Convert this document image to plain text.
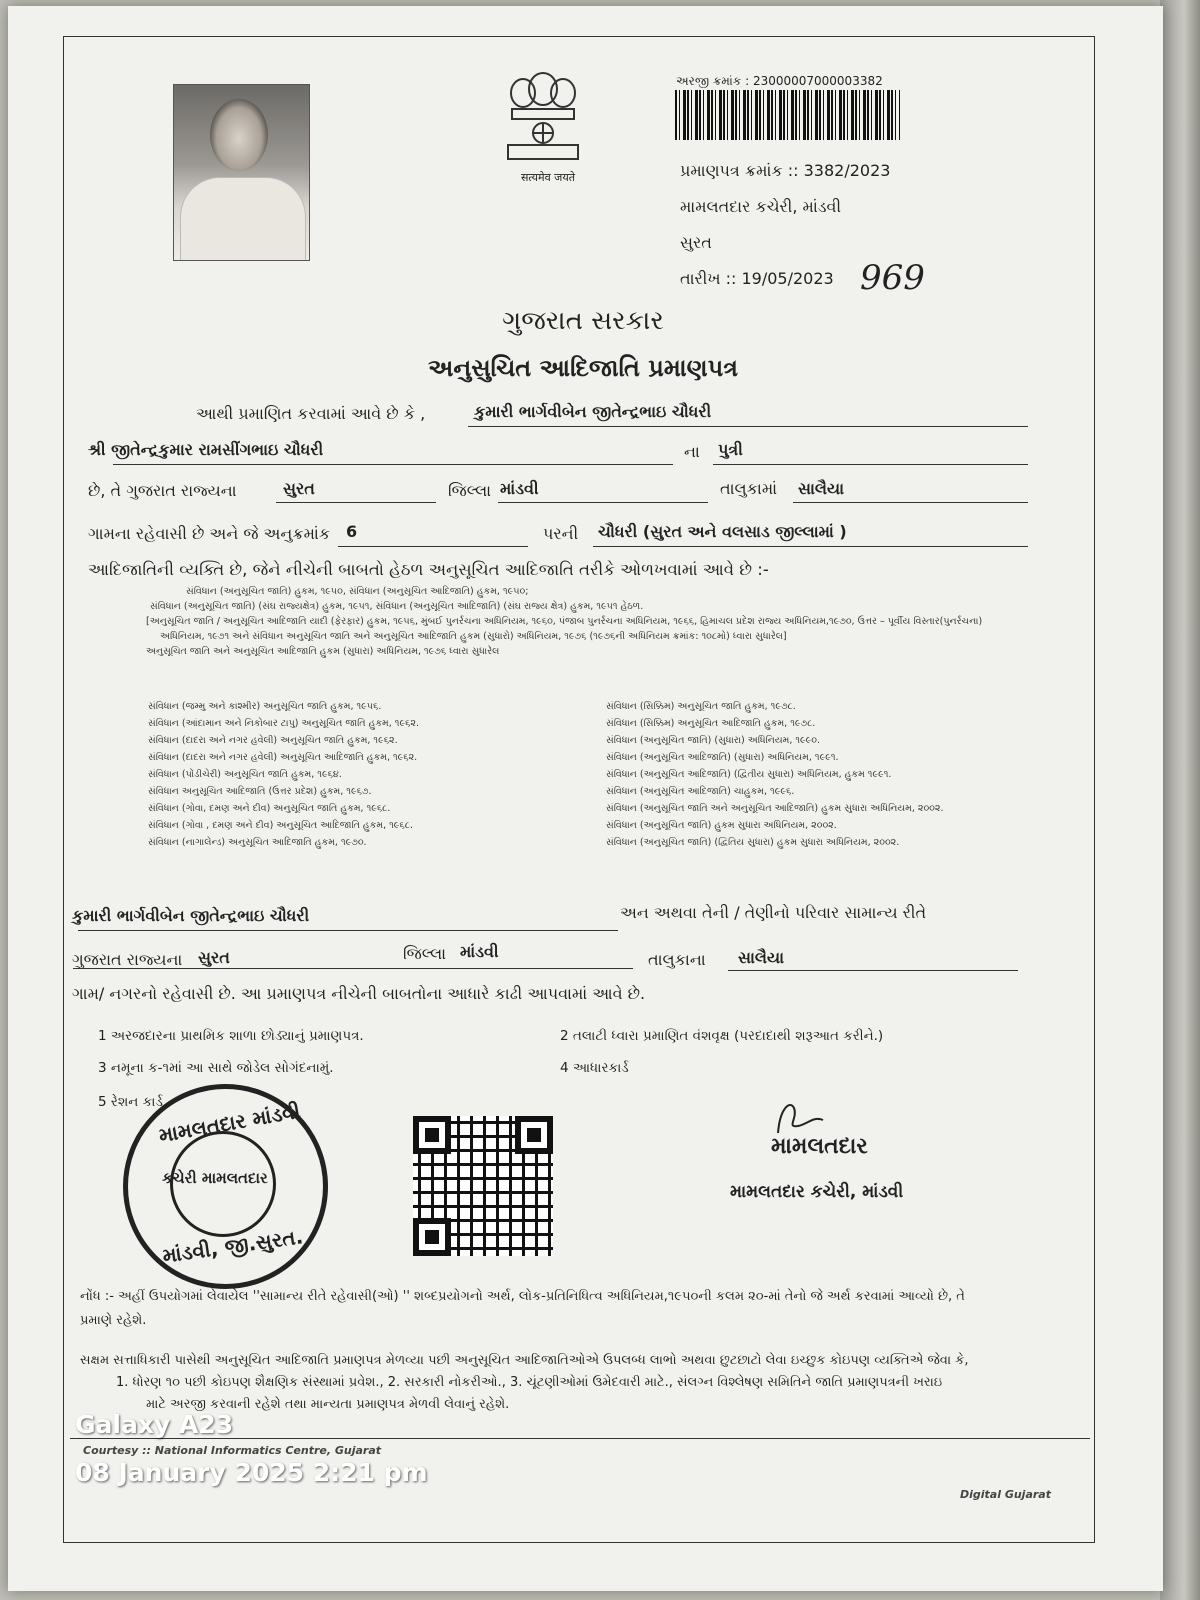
सत्यमेव जयते
અરજી ક્રમાંક : 23000007000003382
પ્રમાણપત્ર ક્રમાંક :: 3382/2023
મામલતદાર કચેરી, માંડવી
સુરત
તારીખ :: 19/05/2023 969
ગુજરાત સરકાર
અનુસુચિત આદિજાતિ પ્રમાણપત્ર
આથી પ્રમાણિત કરવામાં આવે છે કે ,	કુમારી ભાર્ગવીબેન જીતેન્દ્રભાઇ ચૌધરી
શ્રી જીતેન્દ્રકુમાર રામસીંગભાઇ ચૌધરી	ના પુત્રી
છે, તે ગુજરાત રાજ્યના	સુરત	જિલ્લા માંડવી	તાલુકામાં સાલૈયા
ગામના રહેવાસી છે અને જે અનુક્રમાંક 6	પરની ચૌધરી (સુરત અને વલસાડ જીલ્લામાં )
આદિજાતિની વ્યક્તિ છે, જેને નીચેની બાબતો હેઠળ અનુસૂચિત આદિજાતિ તરીકે ઓળખવામાં આવે છે :-
સંવિધાન (અનુસૂચિત જાતિ) હુકમ, ૧૯૫૦, સંવિધાન (અનુસૂચિત આદિજાતિ) હુકમ, ૧૯૫૦;
સંવિધાન (અનુસૂચિત જાતિ) (સંઘ રાજ્યક્ષેત્ર) હુકમ, ૧૯૫૧, સંવિધાન (અનુસૂચિત આદિજાતિ) (સંઘ રાજ્ય ક્ષેત્ર) હુકમ, ૧૯૫૧ હેઠળ.
[અનુસૂચિત જાતિ / અનુસૂચિત આદિજાતિ યાદી (ફેરફાર) હુકમ, ૧૯૫૬, મુંબઈ પુનર્રચના અધિનિયમ, ૧૯૬૦, પંજાબ પુનર્રચના અધિનિયમ, ૧૯૬૬, હિમાચલ પ્રદેશ રાજ્ય અધિનિયમ,૧૯૭૦, ઉત્તર – પૂર્વીય વિસ્તાર(પુનર્રચના)
અધિનિયમ, ૧૯૭૧ અને સંવિધાન અનુસૂચિત જાતિ અને અનુસૂચિત આદિજાતિ હુકમ (સુધારો) અધિનિયમ, ૧૯૭૬ (૧૯૭૬ની અધિનિયમ ક્રમાંક: ૧૦૮મો) ધ્વારા સુધારેલ]
અનુસૂચિત જાતિ અને અનુસૂચિત આદિજાતિ હુકમ (સુધારા) અધિનિયમ, ૧૯૭૬ ધ્વારા સુધારેલ
સંવિધાન (જમ્મુ અને કાશ્મીર) અનુસૂચિત જાતિ હુકમ, ૧૯૫૬.
સંવિધાન (આંદામાન અને નિકોબાર ટાપુ) અનુસૂચિત જાતિ હુકમ, ૧૯૬૨.
સંવિધાન (દાદરા અને નગર હવેલી) અનુસૂચિત જાતિ હુકમ, ૧૯૬૨.
સંવિધાન (દાદરા અને નગર હવેલી) અનુસૂચિત આદિજાતિ હુકમ, ૧૯૬૨.
સંવિધાન (પોંડીચેરી) અનુસૂચિત જાતિ હુકમ, ૧૯૬૪.
સંવિધાન અનુસૂચિત આદિજાતિ (ઉત્તર પ્રદેશ) હુકમ, ૧૯૬૭.
સંવિધાન (ગોવા, દમણ અને દીવ) અનુસૂચિત જાતિ હુકમ, ૧૯૬૮.
સંવિધાન (ગોવા , દમણ અને દીવ) અનુસૂચિત આદિજાતિ હુકમ, ૧૯૬૮.
સંવિધાન (નાગાલેન્ડ) અનુસૂચિત આદિજાતિ હુકમ, ૧૯૭૦.
સંવિધાન (સિક્કિમ) અનુસૂચિત જાતિ હુકમ, ૧૯૭૮.
સંવિધાન (સિક્કિમ) અનુસૂચિત આદિજાતિ હુકમ, ૧૯૭૮.
સંવિધાન (અનુસૂચિત જાતિ) (સુધારા) અધિનિયમ, ૧૯૯૦.
સંવિધાન (અનુસૂચિત આદિજાતિ) (સુધારા) અધિનિયમ, ૧૯૯૧.
સંવિધાન (અનુસૂચિત આદિજાતિ) (દ્વિતીય સુધારા) અધિનિયમ, હુકમ ૧૯૯૧.
સંવિધાન (અનુસૂચિત આદિજાતિ) ચાહુકમ, ૧૯૯૬.
સંવિધાન (અનુસૂચિત જાતિ અને અનુસૂચિત આદિજાતિ) હુકમ સુધારા અધિનિયમ, ૨૦૦૨.
સંવિધાન (અનુસૂચિત જાતિ) હુકમ સુધારા અધિનિયમ, ૨૦૦૨.
સંવિધાન (અનુસૂચિત જાતિ) (દ્વિતિય સુધારા) હુકમ સુધારા અધિનિયમ, ૨૦૦૨.
કુમારી ભાર્ગવીબેન જીતેન્દ્રભાઇ ચૌધરી	અન અથવા તેની / તેણીનો પરિવાર સામાન્ય રીતે
ગુજરાત રાજ્યના સુરત	જિલ્લા માંડવી	તાલુકાના સાલૈયા
ગામ/ નગરનો રહેવાસી છે. આ પ્રમાણપત્ર નીચેની બાબતોના આધારે કાઢી આપવામાં આવે છે.
1 અરજદારના પ્રાથમિક શાળા છોડ્યાનું પ્રમાણપત્ર.	2 તલાટી ધ્વારા પ્રમાણિત વંશવૃક્ષ (પરદાદાથી શરૂઆત કરીને.)
3 નમૂના ક-૧માં આ સાથે જોડેલ સોગંદનામું.	4 આધારકાર્ડ
5 રેશન કાર્ડ
મામલતદાર માંડવી
કચેરી મામલતદાર
માંડવી, જી.સુરત.
મામલતદાર
મામલતદાર કચેરી, માંડવી
નોંધ :- અહીં ઉપયોગમાં લેવાયેલ ''સામાન્ય રીતે રહેવાસી(ઓ) '' શબ્દપ્રયોગનો અર્થ, લોક-પ્રતિનિધિત્વ અધિનિયમ,૧૯૫૦ની કલમ ૨૦-માં તેનો જે અર્થ કરવામાં આવ્યો છે, તે
પ્રમાણે રહેશે.
સક્ષમ સત્તાધિકારી પાસેથી અનુસૂચિત આદિજાતિ પ્રમાણપત્ર મેળવ્યા પછી અનુસૂચિત આદિજાતિઓએ ઉપલબ્ધ લાભો અથવા છુટછાટો લેવા ઇચ્છુક કોઇપણ વ્યક્તિએ જેવા કે,
1. ધોરણ ૧૦ પછી કોઇપણ શૈક્ષણિક સંસ્થામાં પ્રવેશ., 2. સરકારી નોકરીઓ., 3. ચૂંટણીઓમાં ઉમેદવારી માટે., સંલગ્ન વિશ્લેષણ સમિતિને જાતિ પ્રમાણપત્રની ખરાઇ
માટે અરજી કરવાની રહેશે તથા માન્યતા પ્રમાણપત્ર મેળવી લેવાનું રહેશે.
Courtesy :: National Informatics Centre, Gujarat
Digital Gujarat
Galaxy A23
08 January 2025 2:21 pm
